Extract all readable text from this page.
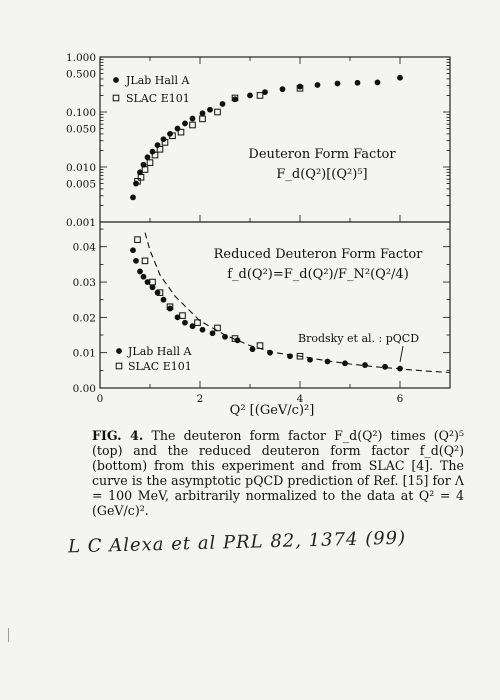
1.000
0.500
0.100
0.050
0.010
0.005
0.001
0.00
0.01
0.02
0.03
0.04
0	2	4	6
Deuteron Form Factor
F_d(Q²)[(Q²)⁵]
Reduced Deuteron Form Factor
f_d(Q²)=F_d(Q²)/F_N²(Q²/4)
Brodsky et al. : pQCD
Q² [(GeV/c)²]
JLab Hall A
SLAC E101
JLab Hall A
SLAC E101

FIG. 4. The deuteron form factor F_d(Q²) times (Q²)⁵ (top) and the reduced deuteron form factor f_d(Q²) (bottom) from this experiment and from SLAC [4]. The curve is the asymptotic pQCD prediction of Ref. [15] for Λ = 100 MeV, arbitrarily normalized to the data at Q² = 4 (GeV/c)².

L C Alexa et al PRL 82, 1374 (99)
